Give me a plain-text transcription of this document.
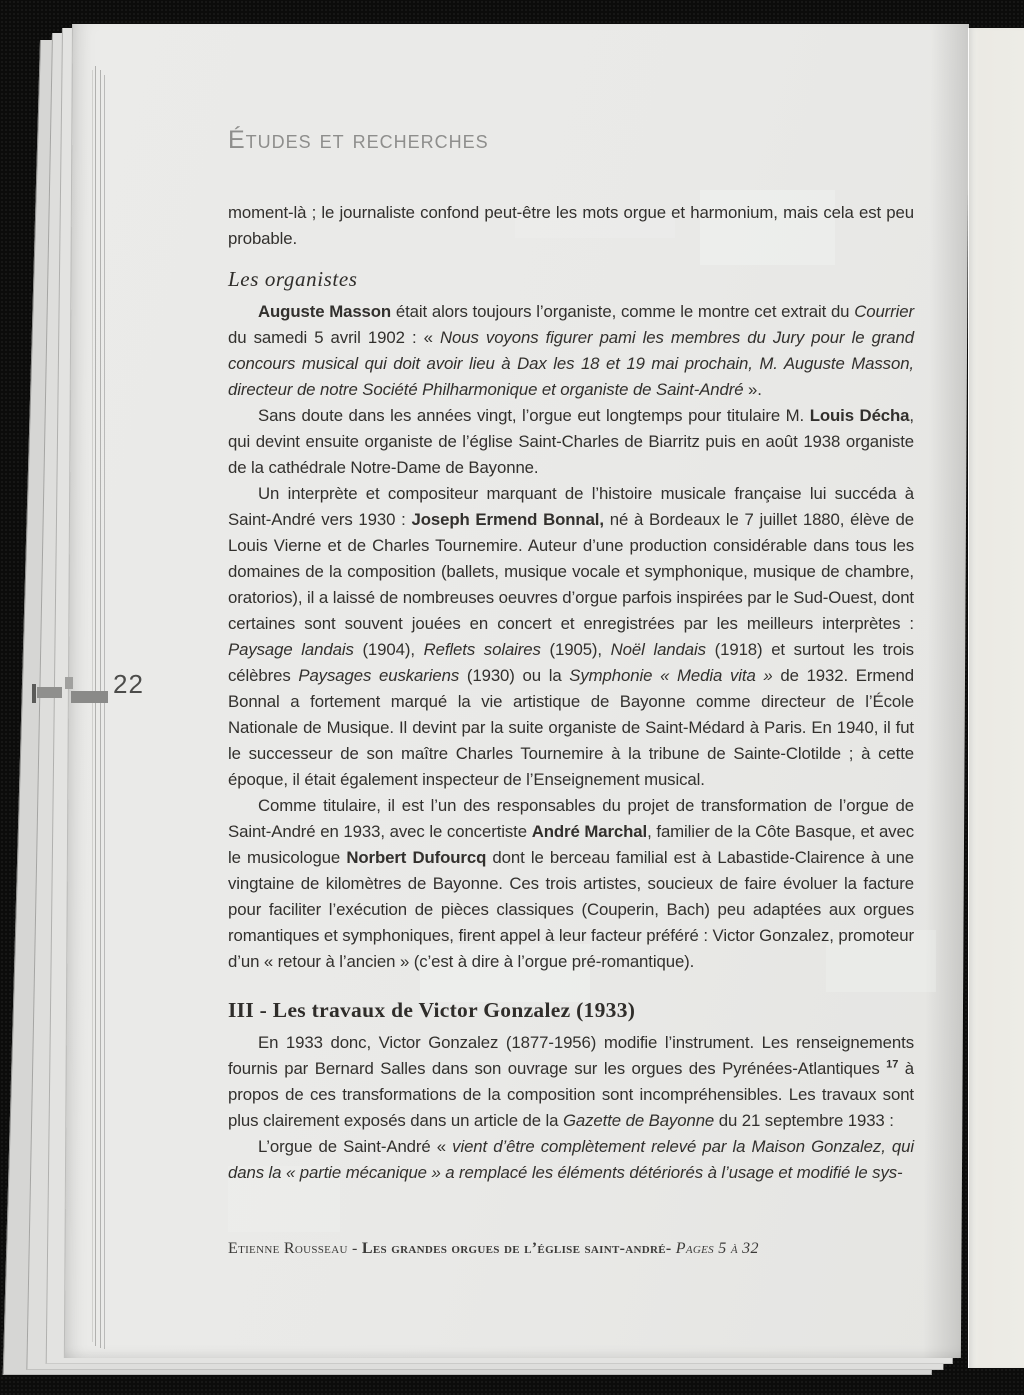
Études et recherches
moment-là ; le journaliste confond peut-être les mots orgue et harmonium, mais cela est peu probable.
Les organistes
Auguste Masson était alors toujours l’organiste, comme le montre cet extrait du Courrier du samedi 5 avril 1902 : « Nous voyons figurer pami les membres du Jury pour le grand concours musical qui doit avoir lieu à Dax les 18 et 19 mai prochain, M. Auguste Masson, directeur de notre Société Philharmonique et organiste de Saint-André ».
Sans doute dans les années vingt, l’orgue eut longtemps pour titulaire M. Louis Décha, qui devint ensuite organiste de l’église Saint-Charles de Biarritz puis en août 1938 organiste de la cathédrale Notre-Dame de Bayonne.
Un interprète et compositeur marquant de l’histoire musicale française lui succéda à Saint-André vers 1930 : Joseph Ermend Bonnal, né à Bordeaux le 7 juillet 1880, élève de Louis Vierne et de Charles Tournemire. Auteur d’une production considérable dans tous les domaines de la composition (ballets, musique vocale et symphonique, musique de chambre, oratorios), il a laissé de nombreuses oeuvres d’orgue parfois inspirées par le Sud-Ouest, dont certaines sont souvent jouées en concert et enregistrées par les meilleurs interprètes : Paysage landais (1904), Reflets solaires (1905), Noël landais (1918) et surtout les trois célèbres Paysages euskariens (1930) ou la Symphonie « Media vita » de 1932. Ermend Bonnal a fortement marqué la vie artistique de Bayonne comme directeur de l’École Nationale de Musique. Il devint par la suite organiste de Saint-Médard à Paris. En 1940, il fut le successeur de son maître Charles Tournemire à la tribune de Sainte-Clotilde ; à cette époque, il était également inspecteur de l’Enseignement musical.
Comme titulaire, il est l’un des responsables du projet de transformation de l’orgue de Saint-André en 1933, avec le concertiste André Marchal, familier de la Côte Basque, et avec le musicologue Norbert Dufourcq dont le berceau familial est à Labastide-Clairence à une vingtaine de kilomètres de Bayonne. Ces trois artistes, soucieux de faire évoluer la facture pour faciliter l’exécution de pièces classiques (Couperin, Bach) peu adaptées aux orgues romantiques et symphoniques, firent appel à leur facteur préféré : Victor Gonzalez, promoteur d’un « retour à l’ancien » (c’est à dire à l’orgue pré-romantique).
III - Les travaux de Victor Gonzalez (1933)
En 1933 donc, Victor Gonzalez (1877-1956) modifie l’instrument. Les renseignements fournis par Bernard Salles dans son ouvrage sur les orgues des Pyrénées-Atlantiques $^{17}$ à propos de ces transformations de la composition sont incompréhensibles. Les travaux sont plus clairement exposés dans un article de la Gazette de Bayonne du 21 septembre 1933 :
L’orgue de Saint-André « vient d’être complètement relevé par la Maison Gonzalez, qui dans la « partie mécanique » a remplacé les éléments détériorés à l’usage et modifié le sys-
22
Etienne Rousseau - Les grandes orgues de l’église saint-andré- Pages 5 à 32
